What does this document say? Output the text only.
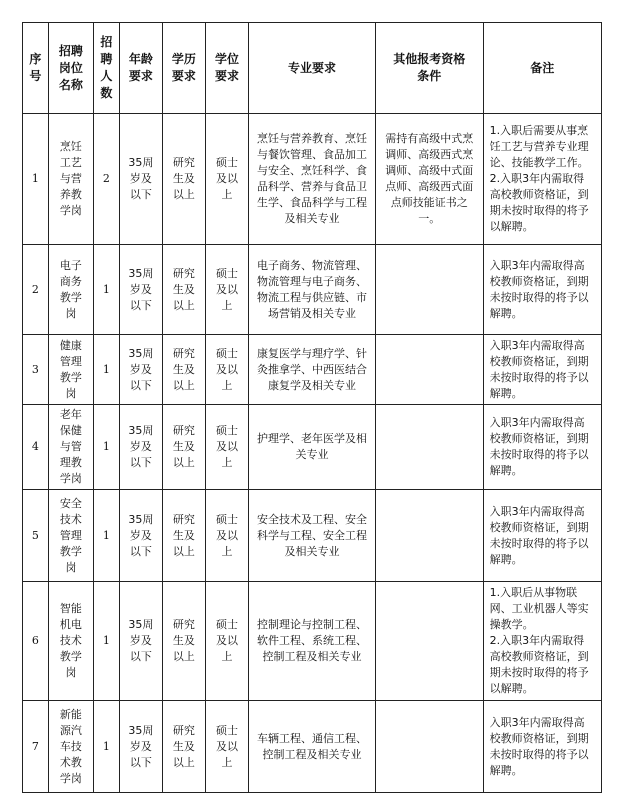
序号	招聘岗位名称	招聘人数	年龄要求	学历要求	学位要求	专业要求	其他报考资格条件	备注
1	烹饪工艺与营养教学岗	2	35周岁及以下	研究生及以上	硕士及以上	烹饪与营养教育、烹饪与餐饮管理、食品加工与安全、烹饪科学、食品科学、营养与食品卫生学、食品科学与工程及相关专业	需持有高级中式烹调师、高级西式烹调师、高级中式面点师、高级西式面点师技能证书之一。	1.入职后需要从事烹饪工艺与营养专业理论、技能教学工作。
2.入职3年内需取得高校教师资格证，到期未按时取得的将予以解聘。
2	电子商务教学岗	1	35周岁及以下	研究生及以上	硕士及以上	电子商务、物流管理、物流管理与电子商务、物流工程与供应链、市场营销及相关专业		入职3年内需取得高校教师资格证，到期未按时取得的将予以解聘。
3	健康管理教学岗	1	35周岁及以下	研究生及以上	硕士及以上	康复医学与理疗学、针灸推拿学、中西医结合康复学及相关专业		入职3年内需取得高校教师资格证，到期未按时取得的将予以解聘。
4	老年保健与管理教学岗	1	35周岁及以下	研究生及以上	硕士及以上	护理学、老年医学及相关专业		入职3年内需取得高校教师资格证，到期未按时取得的将予以解聘。
5	安全技术管理教学岗	1	35周岁及以下	研究生及以上	硕士及以上	安全技术及工程、安全科学与工程、安全工程及相关专业		入职3年内需取得高校教师资格证，到期未按时取得的将予以解聘。
6	智能机电技术教学岗	1	35周岁及以下	研究生及以上	硕士及以上	控制理论与控制工程、软件工程、系统工程、控制工程及相关专业		1.入职后从事物联网、工业机器人等实操教学。
2.入职3年内需取得高校教师资格证，到期未按时取得的将予以解聘。
7	新能源汽车技术教学岗	1	35周岁及以下	研究生及以上	硕士及以上	车辆工程、通信工程、控制工程及相关专业		入职3年内需取得高校教师资格证，到期未按时取得的将予以解聘。
